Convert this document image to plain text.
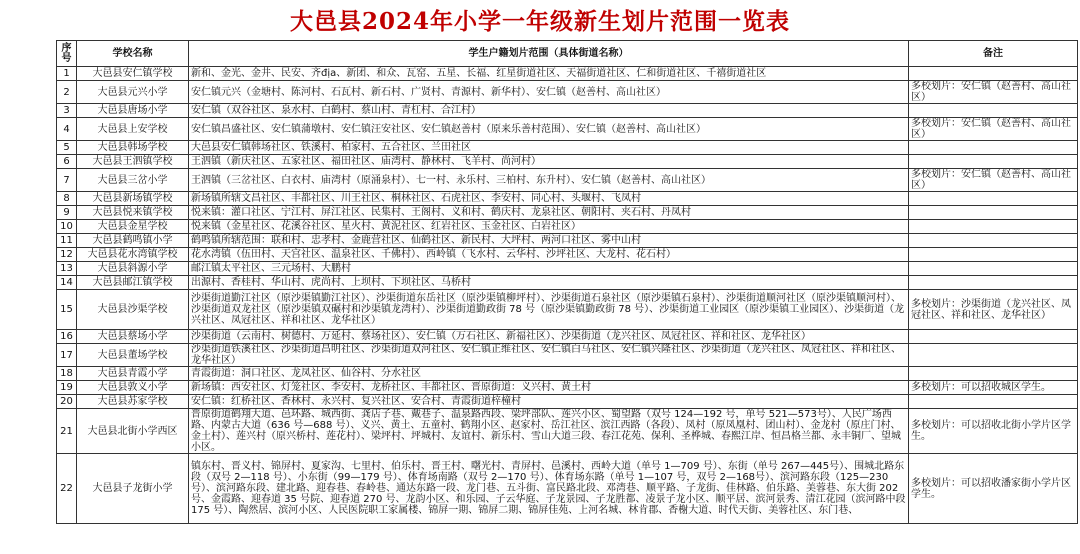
大邑县2024年小学一年级新生划片范围一览表
序号	学校名称	学生户籍划片范围（具体街道名称）	备注
1	大邑县安仁镇学校	新和、金光、金井、民安、齐địa、新团、和众、瓦窑、五星、长福、红星街道社区、天福街道社区、仁和街道社区、千禧街道社区	
2	大邑县元兴小学	安仁镇元兴（金塘村、陈河村、石瓦村、新石村、广贤村、青源村、新华村）、安仁镇（赵善村、高山社区）	多校划片：安仁镇（赵善村、高山社区）
3	大邑县唐场小学	安仁镇（双谷社区、泉水村、白鹤村、蔡山村、青杠村、合江村）	
4	大邑县上安学校	安仁镇昌盛社区、安仁镇蒲墩村、安仁镇汪安社区、安仁镇赵善村（原来乐善村范围）、安仁镇（赵善村、高山社区）	多校划片：安仁镇（赵善村、高山社区）
5	大邑县韩场学校	大邑县安仁镇韩场社区、铁溪村、柏家村、五合社区、兰田社区	
6	大邑县王泗镇学校	王泗镇（新庆社区、五家社区、福田社区、庙湾村、静林村、飞羊村、尚河村）	
7	大邑县三岔小学	王泗镇（三岔社区、白衣村、庙湾村（原涌泉村）、七一村、永乐村、三柏村、东升村）、安仁镇（赵善村、高山社区）	多校划片：安仁镇（赵善村、高山社区）
8	大邑县新场镇学校	新场镇所辖文昌社区、丰都社区、川王社区、桐林社区、石虎社区、李安村、同心村、头堰村、飞凤村	
9	大邑县悦来镇学校	悦来镇：灌口社区、宁江村、屏江社区、民集村、王阁村、义和村、鹤庆村、龙泉社区、朝阳村、夹石村、丹凤村	
10	大邑县金星学校	悦来镇（金星社区、花溪谷社区、星火村、黄泥社区、红岩社区、玉金社区、白岩社区）	
11	大邑县鹤鸣镇小学	鹤鸣镇所辖范围：联和村、忠孝村、金鹿营社区、仙鹤社区、新民村、大坪村、两河口社区、雾中山村	
12	大邑县花水湾镇学校	花水湾镇（伍田村、天宫社区、温泉社区、千佛村）、西岭镇（飞水村、云华村、沙坪社区、大龙村、花石村）	
13	大邑县斜源小学	邮江镇太平社区、三元场村、大鹏村	
14	大邑县邮江镇学校	出源村、香桂村、华山村、虎尚村、上坝村、下坝社区、马桥村	
15	大邑县沙渠学校	沙渠街道勤江社区（原沙渠镇勤江社区）、沙渠街道东岳社区（原沙渠镇柳坪村）、沙渠街道石泉社区（原沙渠镇石泉村）、沙渠街道顺河社区（原沙渠镇顺河村）、沙渠街道双龙社区（原沙渠镇双碾村和沙渠镇龙湾村）、沙渠街道勤政街 78 号（原沙渠镇勤政街 78 号）、沙渠街道工业园区（原沙渠镇工业园区）、沙渠街道（龙兴社区、凤冠社区、祥和社区、龙华社区）	多校划片：沙渠街道（龙兴社区、凤冠社区、祥和社区、龙华社区）
16	大邑县蔡场小学	沙渠街道（云南村、树德村、万延村、蔡场社区）、安仁镇（万石社区、新福社区）、沙渠街道（龙兴社区、凤冠社区、祥和社区、龙华社区）	
17	大邑县董场学校	沙渠街道铁溪社区、沙渠街道昌明社区、沙渠街道双河社区、安仁镇正维社区、安仁镇白马社区、安仁镇兴隆社区、沙渠街道（龙兴社区、凤冠社区、祥和社区、龙华社区）	
18	大邑县青霞小学	青霞街道：洞口社区、龙凤社区、仙谷村、分水社区	
19	大邑县敦义小学	新场镇：西安社区、灯笼社区、李安村、龙桥社区、丰都社区、晋原街道：义兴村、黄土村	多校划片：可以招收城区学生。
20	大邑县苏家学校	安仁镇：红桥社区、香林村、永兴村、复兴社区、安合村、青霞街道梓橦村	
21	大邑县北街小学西区	晋原街道鹤翔大道、邑环路、城西街、龚店子巷、戴巷子、温泉路西段、梁坪部队、莲兴小区、蜀望路（双号 124—192 号，单号 521—573号）、人民广场西路、内蒙古大道（636 号—688 号）、义兴、黄土、五童村、鹤翔小区、赵家村、岳江社区、滨江西路（各段）、凤村（原凤凰村、团山村）、金龙村（原庄门村、金土村）、莲兴村（原兴桥村、莲花村）、梁坪村、坪城村、友谊村、新乐村、雪山大道三段、春江花苑、保利、圣桦城、春熙江岸、恒昌格兰都、永丰铜厂、望城小区。	多校划片：可以招收北街小学片区学生。
22	大邑县子龙街小学	镇东村、晋义村、锦屏村、夏家沟、七里村、伯乐村、晋王村、曙光村、青屏村、邑溪村、西岭大道（单号 1—709 号）、东街（单号 267—445号）、围城北路东段（双号 2—118 号）、小东街（99—179 号）、体育场南路（双号 2—170 号）、体育场东路（单号 1—107 号，双号 2—168号）、滨河路东段（125—230 号）、滨河路东段、建北路、迎春巷、春岭巷、通达东路一段、龙门巷、五斗街、富民路北段、邓湾巷、顺平路、子龙街、佳林路、伯乐路、美蓉巷、东大街 202 号、金霞路、迎春道 35 号院、迎春道 270 号、龙韵小区、和乐园、子云华庭、子龙景园、子龙胜都、凌景子龙小区、顺平居、滨河景秀、清江花园（滨河路中段 175 号）、陶然居、滨河小区、人民医院职工家属楼、锦屏一期、锦屏二期、锦屏佳苑、上河名城、林肯郡、香榭大道、时代天街、美蓉社区、东门巷、	多校划片：可以招收潘家街小学片区学生。
